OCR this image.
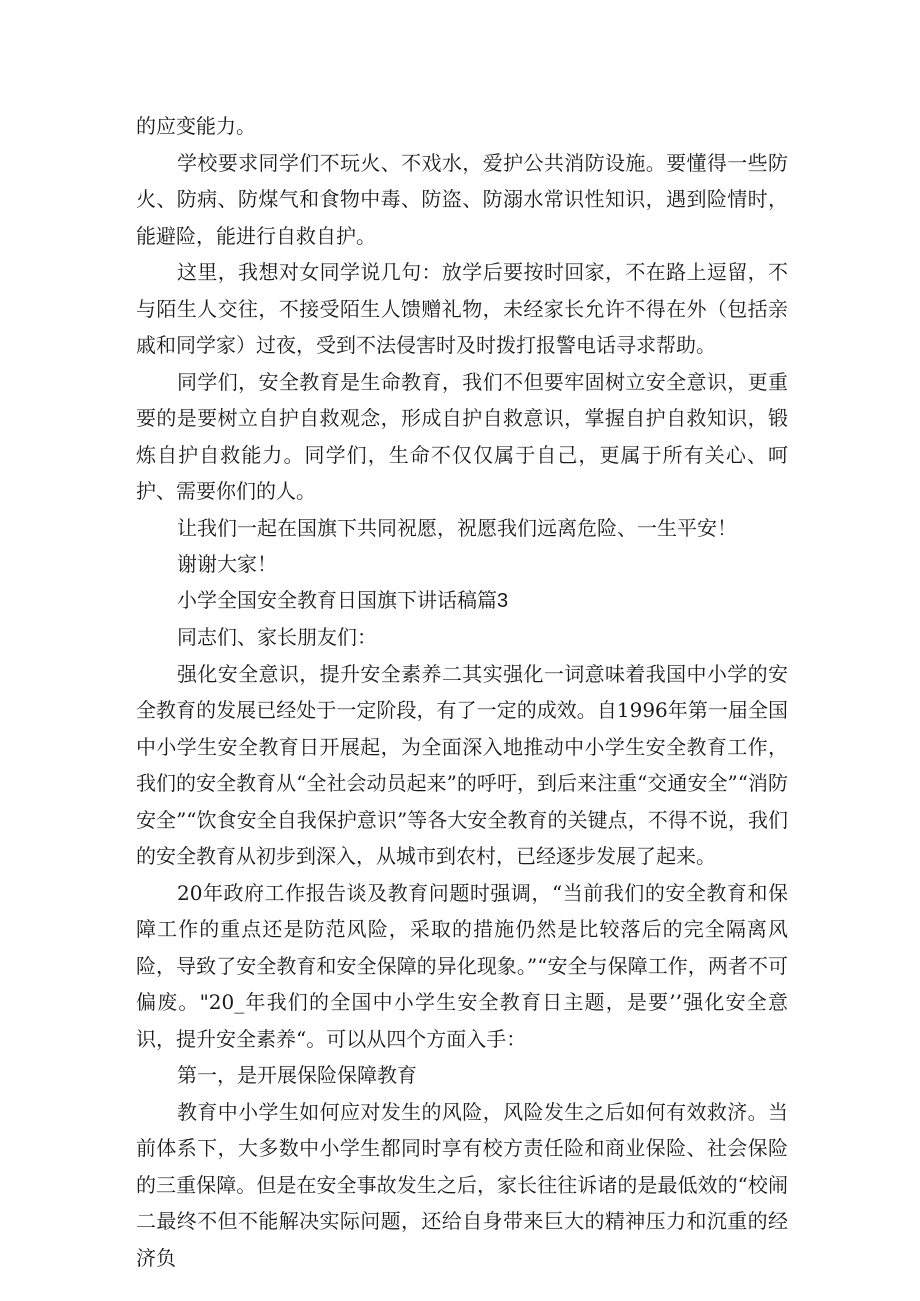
的应变能力。

学校要求同学们不玩火、不戏水，爱护公共消防设施。要懂得一些防火、防病、防煤气和食物中毒、防盗、防溺水常识性知识，遇到险情时，能避险，能进行自救自护。

这里，我想对女同学说几句：放学后要按时回家，不在路上逗留，不与陌生人交往，不接受陌生人馈赠礼物，未经家长允许不得在外（包括亲戚和同学家）过夜，受到不法侵害时及时拨打报警电话寻求帮助。

同学们，安全教育是生命教育，我们不但要牢固树立安全意识，更重要的是要树立自护自救观念，形成自护自救意识，掌握自护自救知识，锻炼自护自救能力。同学们，生命不仅仅属于自己，更属于所有关心、呵护、需要你们的人。

让我们一起在国旗下共同祝愿，祝愿我们远离危险、一生平安！

谢谢大家！

小学全国安全教育日国旗下讲话稿篇3

同志们、家长朋友们：

强化安全意识，提升安全素养二其实强化一词意味着我国中小学的安全教育的发展已经处于一定阶段，有了一定的成效。自1996年第一届全国中小学生安全教育日开展起，为全面深入地推动中小学生安全教育工作，我们的安全教育从“全社会动员起来”的呼吁，到后来注重“交通安全”“消防安全”“饮食安全自我保护意识”等各大安全教育的关键点，不得不说，我们的安全教育从初步到深入，从城市到农村，已经逐步发展了起来。

20年政府工作报告谈及教育问题时强调，“当前我们的安全教育和保障工作的重点还是防范风险，采取的措施仍然是比较落后的完全隔离风险，导致了安全教育和安全保障的异化现象。”“安全与保障工作，两者不可偏废。"20_年我们的全国中小学生安全教育日主题，是要’’强化安全意识，提升安全素养“。可以从四个方面入手：

第一，是开展保险保障教育

教育中小学生如何应对发生的风险，风险发生之后如何有效救济。当前体系下，大多数中小学生都同时享有校方责任险和商业保险、社会保险的三重保障。但是在安全事故发生之后，家长往往诉诸的是最低效的“校闹二最终不但不能解决实际问题，还给自身带来巨大的精神压力和沉重的经济负
